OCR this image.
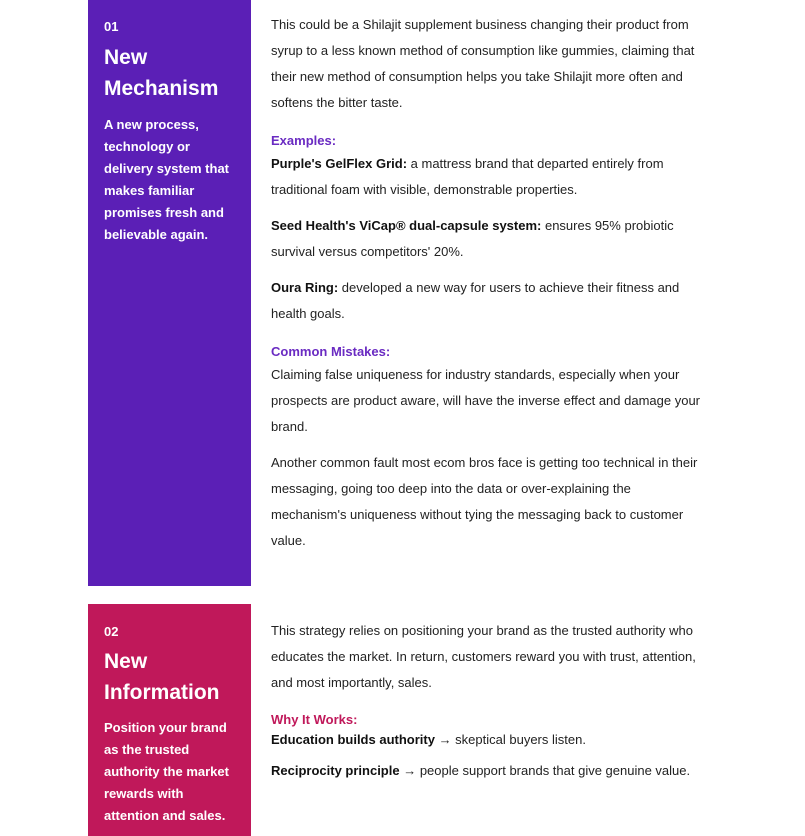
01
New
Mechanism
A new process, technology or delivery system that makes familiar promises fresh and believable again.

This could be a Shilajit supplement business changing their product from syrup to a less known method of consumption like gummies, claiming that their new method of consumption helps you take Shilajit more often and softens the bitter taste.

Examples:

Purple's GelFlex Grid: a mattress brand that departed entirely from traditional foam with visible, demonstrable properties.

Seed Health's ViCap® dual-capsule system: ensures 95% probiotic survival versus competitors' 20%.

Oura Ring: developed a new way for users to achieve their fitness and health goals.

Common Mistakes:

Claiming false uniqueness for industry standards, especially when your prospects are product aware, will have the inverse effect and damage your brand.

Another common fault most ecom bros face is getting too technical in their messaging, going too deep into the data or over-explaining the mechanism's uniqueness without tying the messaging back to customer value.

02
New
Information
Position your brand as the trusted authority the market rewards with attention and sales.

This strategy relies on positioning your brand as the trusted authority who educates the market. In return, customers reward you with trust, attention, and most importantly, sales.

Why It Works:

Education builds authority → skeptical buyers listen.

Reciprocity principle → people support brands that give genuine value.
